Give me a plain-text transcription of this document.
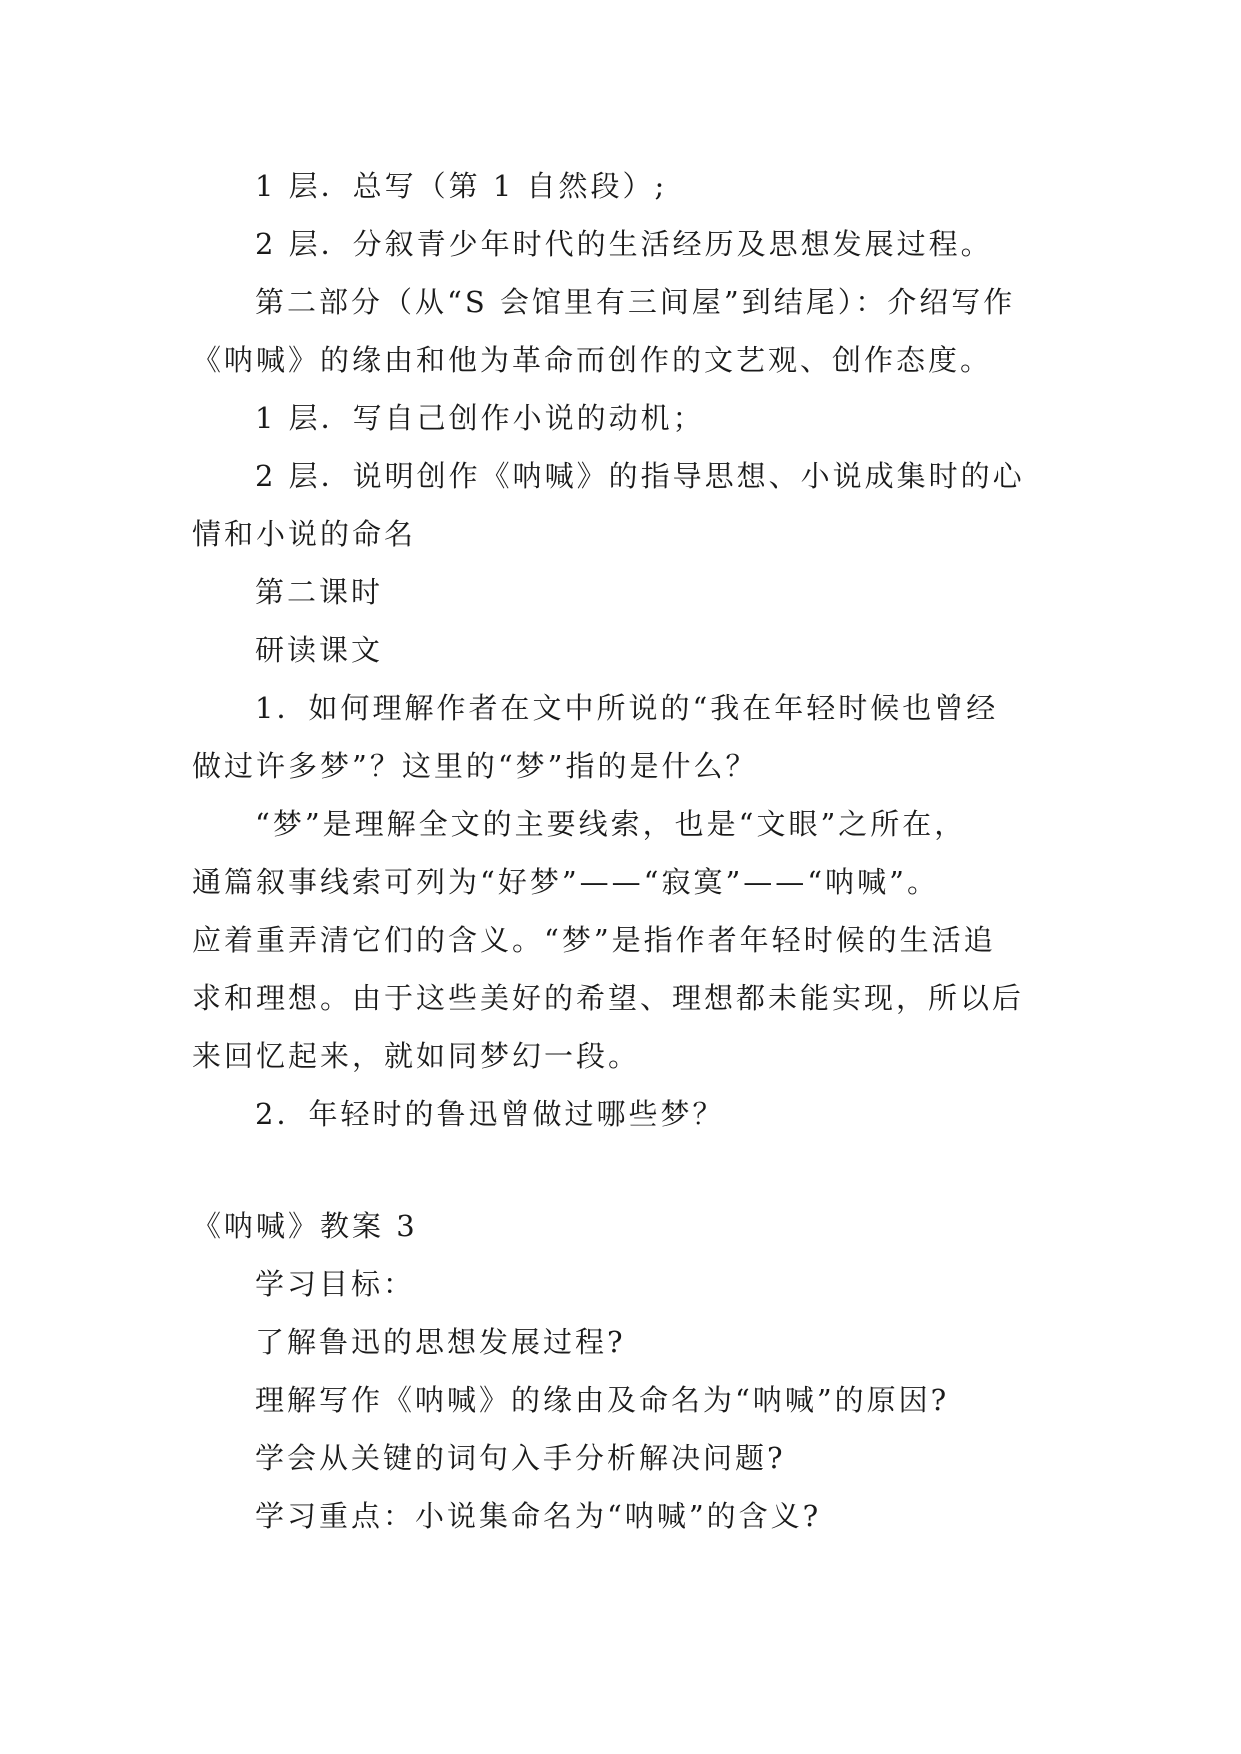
1 层．总写（第 1 自然段）;
2 层．分叙青少年时代的生活经历及思想发展过程。
第二部分（从“S 会馆里有三间屋”到结尾）：介绍写作
《呐喊》的缘由和他为革命而创作的文艺观、创作态度。
1 层．写自己创作小说的动机；
2 层．说明创作《呐喊》的指导思想、小说成集时的心
情和小说的命名
第二课时
研读课文
1．如何理解作者在文中所说的“我在年轻时候也曾经
做过许多梦”？这里的“梦”指的是什么？
“梦”是理解全文的主要线索，也是“文眼”之所在，
通篇叙事线索可列为“好梦”——“寂寞”——“呐喊”。
应着重弄清它们的含义。“梦”是指作者年轻时候的生活追
求和理想。由于这些美好的希望、理想都未能实现，所以后
来回忆起来，就如同梦幻一段。
2．年轻时的鲁迅曾做过哪些梦？
《呐喊》教案 3
学习目标：
了解鲁迅的思想发展过程?
理解写作《呐喊》的缘由及命名为“呐喊”的原因?
学会从关键的词句入手分析解决问题?
学习重点：小说集命名为“呐喊”的含义?
